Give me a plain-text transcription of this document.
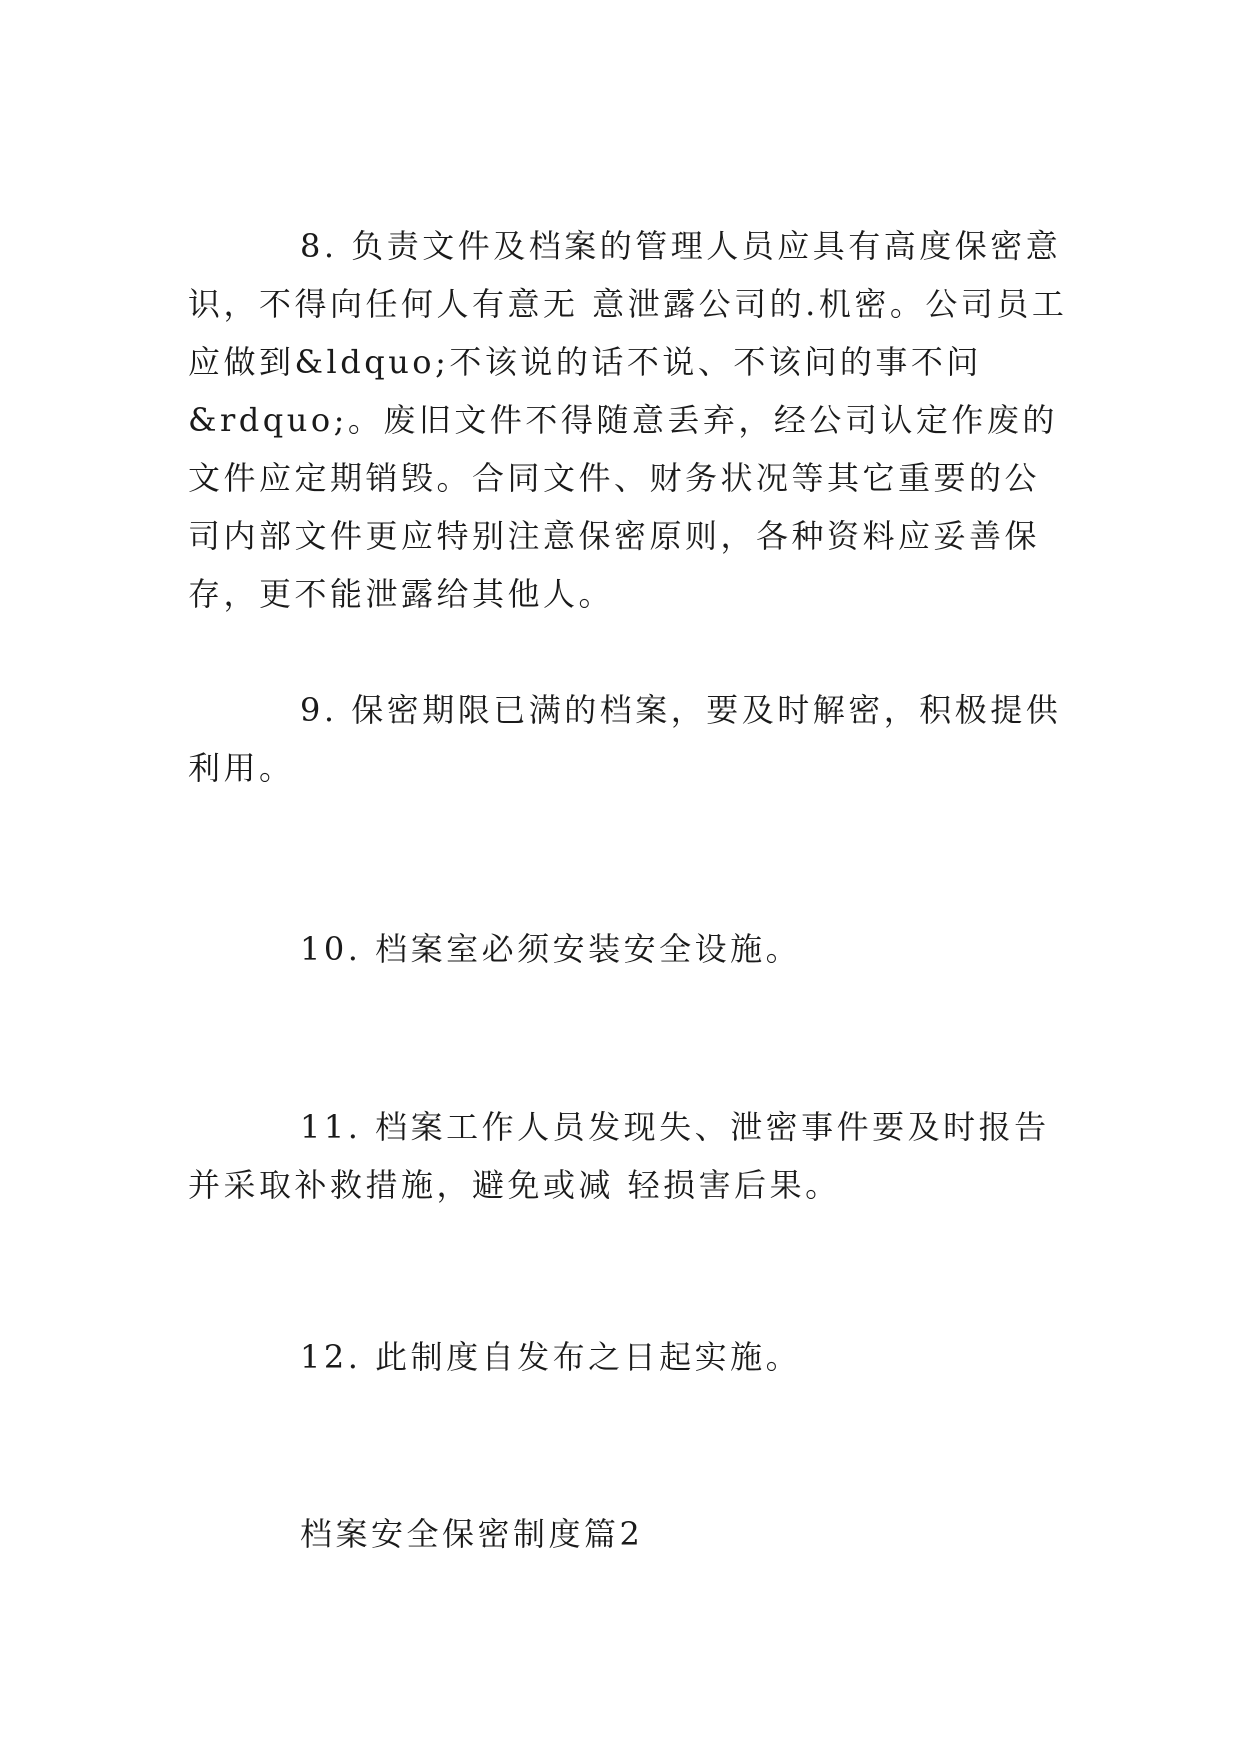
8. 负责文件及档案的管理人员应具有高度保密意识，不得向任何人有意无 意泄露公司的.机密。公司员工应做到&ldquo;不该说的话不说、不该问的事不问&rdquo;。废旧文件不得随意丢弃，经公司认定作废的文件应定期销毁。合同文件、财务状况等其它重要的公司内部文件更应特别注意保密原则，各种资料应妥善保存，更不能泄露给其他人。

9. 保密期限已满的档案，要及时解密，积极提供利用。

10. 档案室必须安装安全设施。

11. 档案工作人员发现失、泄密事件要及时报告并采取补救措施，避免或减 轻损害后果。

12. 此制度自发布之日起实施。

档案安全保密制度篇2
